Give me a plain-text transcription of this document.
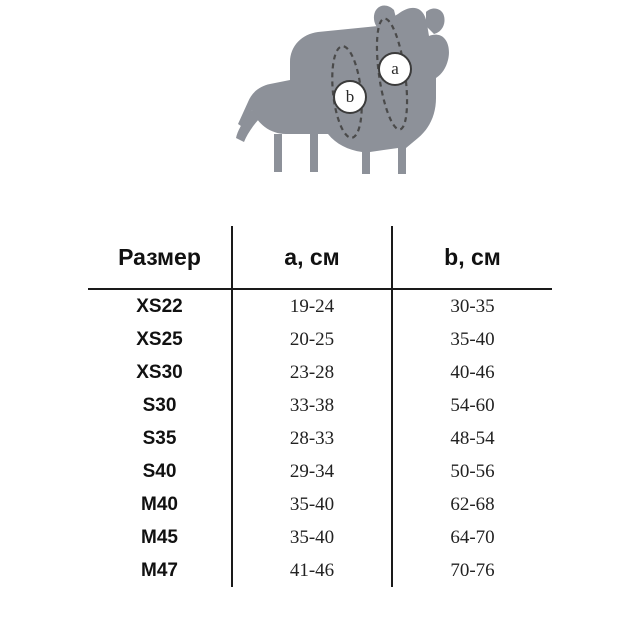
a
b
Размер	a, см	b, см
XS22	19-24	30-35
XS25	20-25	35-40
XS30	23-28	40-46
S30	33-38	54-60
S35	28-33	48-54
S40	29-34	50-56
M40	35-40	62-68
M45	35-40	64-70
M47	41-46	70-76
